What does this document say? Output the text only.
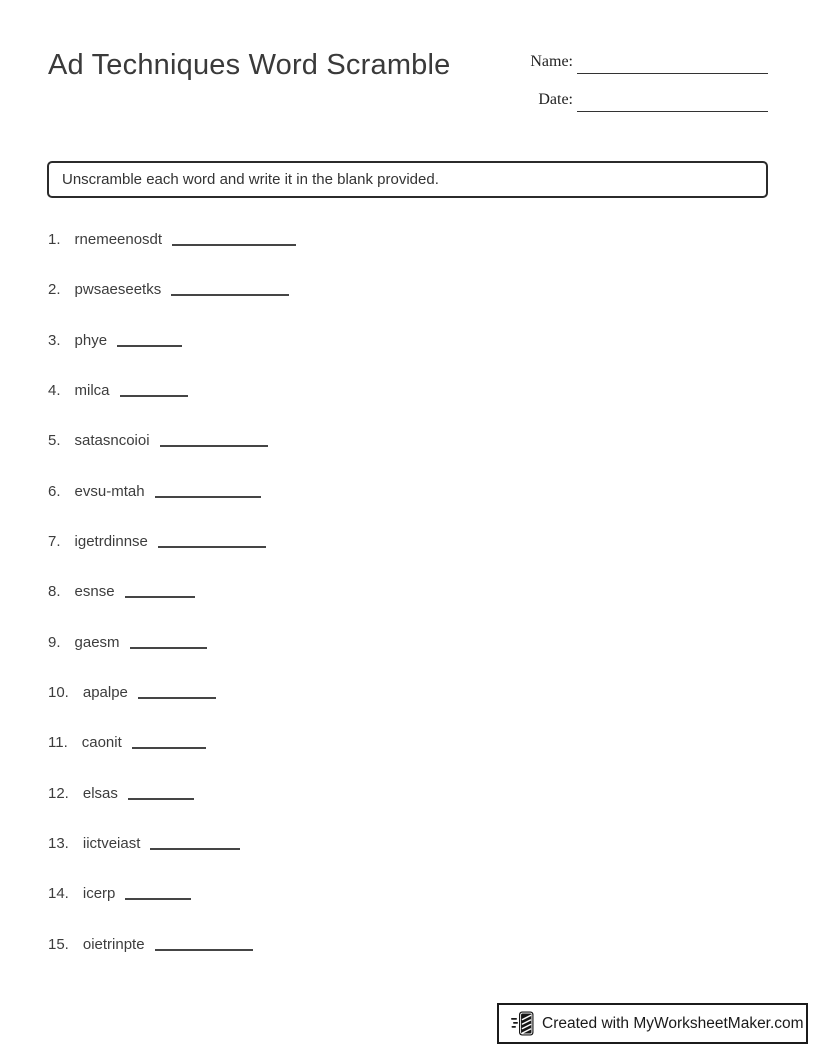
Ad Techniques Word Scramble	Name:
Date:
Unscramble each word and write it in the blank provided.
1. rnemeenosdt
2. pwsaeseetks
3. phye
4. milca
5. satasncoioi
6. evsu-mtah
7. igetrdinnse
8. esnse
9. gaesm
10. apalpe
11. caonit
12. elsas
13. iictveiast
14. icerp
15. oietrinpte
Created with MyWorksheetMaker.com
